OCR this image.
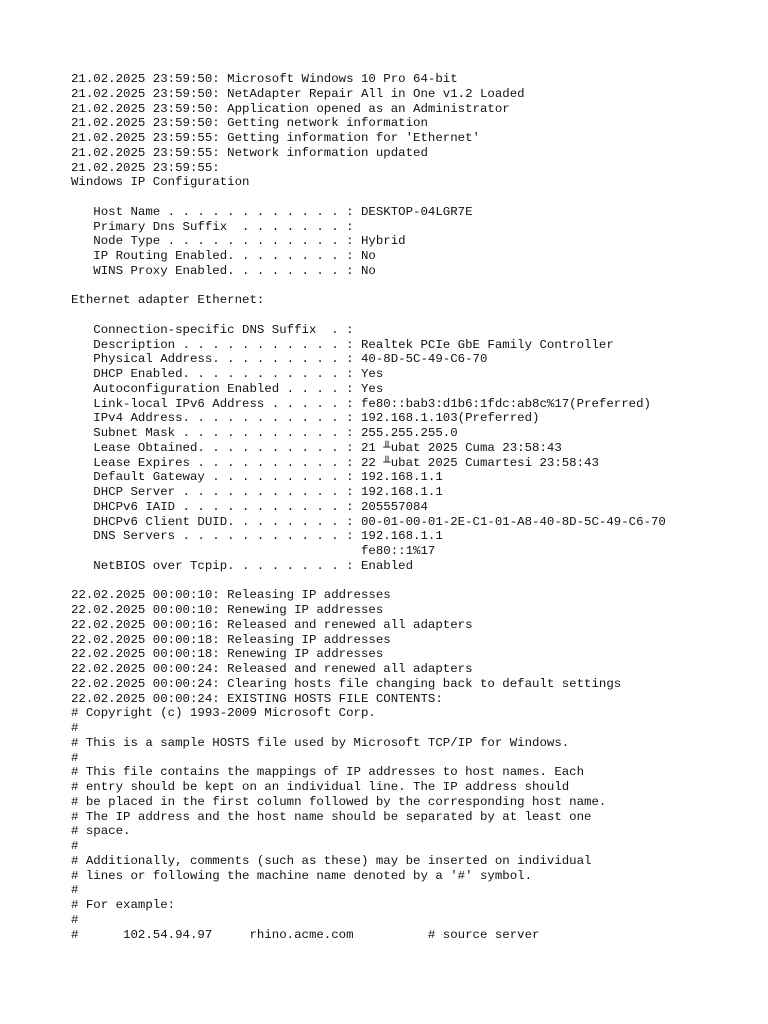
21.02.2025 23:59:50: Microsoft Windows 10 Pro 64-bit
21.02.2025 23:59:50: NetAdapter Repair All in One v1.2 Loaded
21.02.2025 23:59:50: Application opened as an Administrator
21.02.2025 23:59:50: Getting network information
21.02.2025 23:59:55: Getting information for 'Ethernet'
21.02.2025 23:59:55: Network information updated
21.02.2025 23:59:55:
Windows IP Configuration
Host Name . . . . . . . . . . . . : DESKTOP-04LGR7E
Primary Dns Suffix  . . . . . . . :
Node Type . . . . . . . . . . . . : Hybrid
IP Routing Enabled. . . . . . . . : No
WINS Proxy Enabled. . . . . . . . : No
Ethernet adapter Ethernet:
Connection-specific DNS Suffix  . :
Description . . . . . . . . . . . : Realtek PCIe GbE Family Controller
Physical Address. . . . . . . . . : 40-8D-5C-49-C6-70
DHCP Enabled. . . . . . . . . . . : Yes
Autoconfiguration Enabled . . . . : Yes
Link-local IPv6 Address . . . . . : fe80::bab3:d1b6:1fdc:ab8c%17(Preferred)
IPv4 Address. . . . . . . . . . . : 192.168.1.103(Preferred)
Subnet Mask . . . . . . . . . . . : 255.255.255.0
Lease Obtained. . . . . . . . . . : 21 ╨ubat 2025 Cuma 23:58:43
Lease Expires . . . . . . . . . . : 22 ╨ubat 2025 Cumartesi 23:58:43
Default Gateway . . . . . . . . . : 192.168.1.1
DHCP Server . . . . . . . . . . . : 192.168.1.1
DHCPv6 IAID . . . . . . . . . . . : 205557084
DHCPv6 Client DUID. . . . . . . . : 00-01-00-01-2E-C1-01-A8-40-8D-5C-49-C6-70
DNS Servers . . . . . . . . . . . : 192.168.1.1
fe80::1%17
NetBIOS over Tcpip. . . . . . . . : Enabled
22.02.2025 00:00:10: Releasing IP addresses
22.02.2025 00:00:10: Renewing IP addresses
22.02.2025 00:00:16: Released and renewed all adapters
22.02.2025 00:00:18: Releasing IP addresses
22.02.2025 00:00:18: Renewing IP addresses
22.02.2025 00:00:24: Released and renewed all adapters
22.02.2025 00:00:24: Clearing hosts file changing back to default settings
22.02.2025 00:00:24: EXISTING HOSTS FILE CONTENTS:
# Copyright (c) 1993-2009 Microsoft Corp.
#
# This is a sample HOSTS file used by Microsoft TCP/IP for Windows.
#
# This file contains the mappings of IP addresses to host names. Each
# entry should be kept on an individual line. The IP address should
# be placed in the first column followed by the corresponding host name.
# The IP address and the host name should be separated by at least one
# space.
#
# Additionally, comments (such as these) may be inserted on individual
# lines or following the machine name denoted by a '#' symbol.
#
# For example:
#
#      102.54.94.97     rhino.acme.com          # source server
